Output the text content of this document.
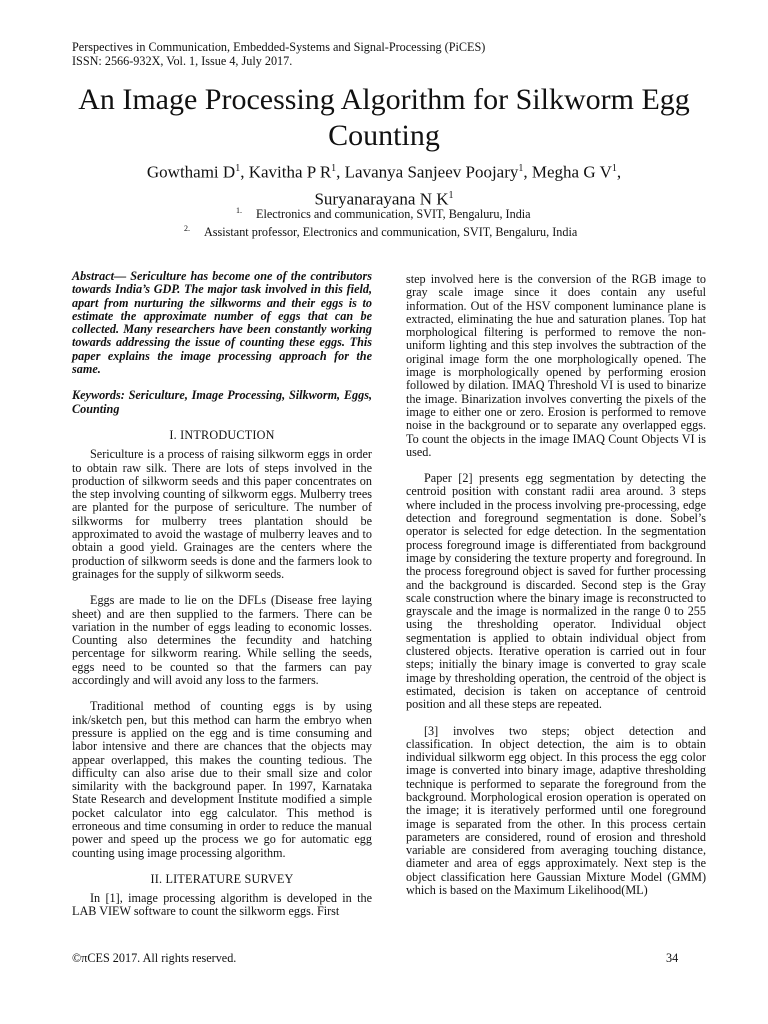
Perspectives in Communication, Embedded-Systems and Signal-Processing (PiCES)
ISSN: 2566-932X, Vol. 1, Issue 4, July 2017.
An Image Processing Algorithm for Silkworm Egg Counting
Gowthami $D^1$, Kavitha P $R^1$, Lavanya Sanjeev Poojary$^1$, Megha G $V^1$,
Suryanarayana N $K^1$
$^{1.}$ Electronics and communication, SVIT, Bengaluru, India
$^{2.}$ Assistant professor, Electronics and communication, SVIT, Bengaluru, India

Abstract— Sericulture has become one of the contributors towards India’s GDP. The major task involved in this field, apart from nurturing the silkworms and their eggs is to estimate the approximate number of eggs that can be collected. Many researchers have been constantly working towards addressing the issue of counting these eggs. This paper explains the image processing approach for the same.

Keywords: Sericulture, Image Processing, Silkworm, Eggs, Counting

I. INTRODUCTION

Sericulture is a process of raising silkworm eggs in order to obtain raw silk. There are lots of steps involved in the production of silkworm seeds and this paper concentrates on the step involving counting of silkworm eggs. Mulberry trees are planted for the purpose of sericulture. The number of silkworms for mulberry trees plantation should be approximated to avoid the wastage of mulberry leaves and to obtain a good yield. Grainages are the centers where the production of silkworm seeds is done and the farmers look to grainages for the supply of silkworm seeds.

Eggs are made to lie on the DFLs (Disease free laying sheet) and are then supplied to the farmers. There can be variation in the number of eggs leading to economic losses. Counting also determines the fecundity and hatching percentage for silkworm rearing. While selling the seeds, eggs need to be counted so that the farmers can pay accordingly and will avoid any loss to the farmers.

Traditional method of counting eggs is by using ink/sketch pen, but this method can harm the embryo when pressure is applied on the egg and is time consuming and labor intensive and there are chances that the objects may appear overlapped, this makes the counting tedious. The difficulty can also arise due to their small size and color similarity with the background paper. In 1997, Karnataka State Research and development Institute modified a simple pocket calculator into egg calculator. This method is erroneous and time consuming in order to reduce the manual power and speed up the process we go for automatic egg counting using image processing algorithm.

II. LITERATURE SURVEY

In [1], image processing algorithm is developed in the LAB VIEW software to count the silkworm eggs. First

step involved here is the conversion of the RGB image to gray scale image since it does contain any useful information. Out of the HSV component luminance plane is extracted, eliminating the hue and saturation planes. Top hat morphological filtering is performed to remove the non-uniform lighting and this step involves the subtraction of the original image form the one morphologically opened. The image is morphologically opened by performing erosion followed by dilation. IMAQ Threshold VI is used to binarize the image. Binarization involves converting the pixels of the image to either one or zero. Erosion is performed to remove noise in the background or to separate any overlapped eggs. To count the objects in the image IMAQ Count Objects VI is used.

Paper [2] presents egg segmentation by detecting the centroid position with constant radii area around. 3 steps where included in the process involving pre-processing, edge detection and foreground segmentation is done. Sobel’s operator is selected for edge detection. In the segmentation process foreground image is differentiated from background image by considering the texture property and foreground. In the process foreground object is saved for further processing and the background is discarded. Second step is the Gray scale construction where the binary image is reconstructed to grayscale and the image is normalized in the range 0 to 255 using the thresholding operator. Individual object segmentation is applied to obtain individual object from clustered objects. Iterative operation is carried out in four steps; initially the binary image is converted to gray scale image by thresholding operation, the centroid of the object is estimated, decision is taken on acceptance of centroid position and all these steps are repeated.

[3] involves two steps; object detection and classification. In object detection, the aim is to obtain individual silkworm egg object. In this process the egg color image is converted into binary image, adaptive thresholding technique is performed to separate the foreground from the background. Morphological erosion operation is operated on the image; it is iteratively performed until one foreground image is separated from the other. In this process certain parameters are considered, round of erosion and threshold variable are considered from averaging touching distance, diameter and area of eggs approximately. Next step is the object classification here Gaussian Mixture Model (GMM) which is based on the Maximum Likelihood(ML)

©πCES 2017. All rights reserved.	34
